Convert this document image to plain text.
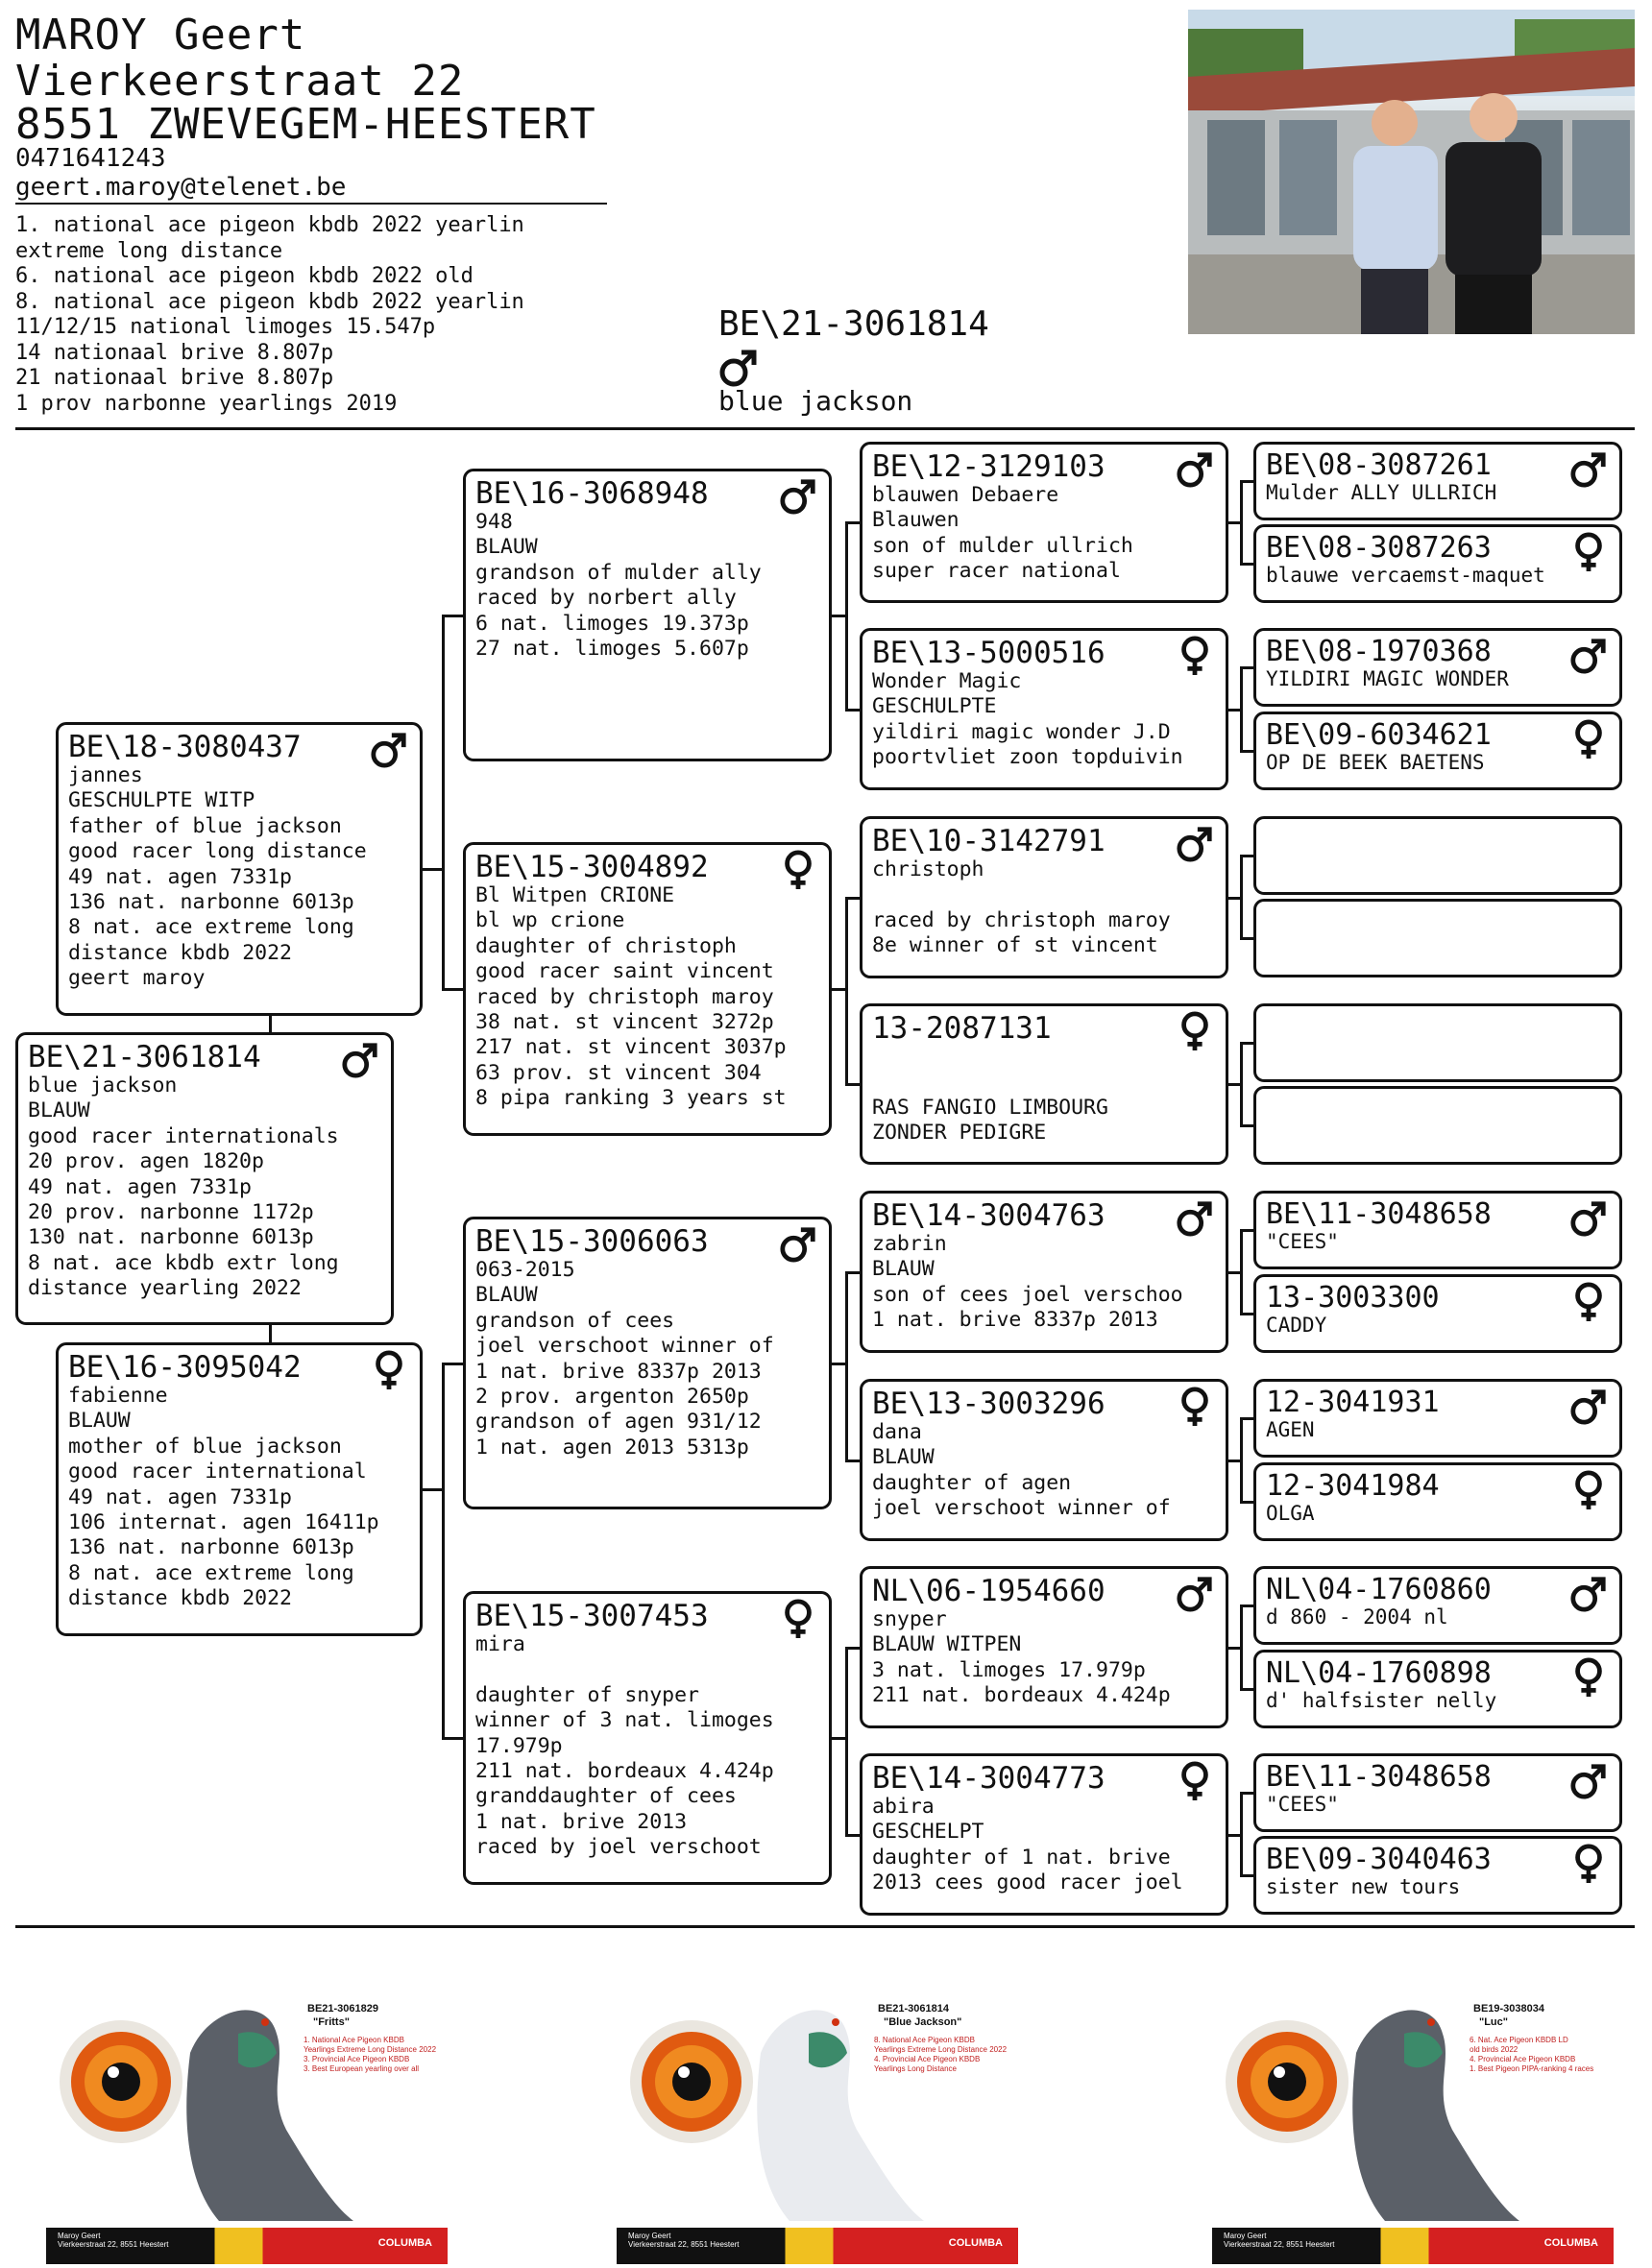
MAROY Geert
Vierkeerstraat 22
8551 ZWEVEGEM-HEESTERT
0471641243
geert.maroy@telenet.be
1. national ace pigeon kbdb 2022 yearlin
extreme long distance
6. national ace pigeon kbdb 2022 old
8. national ace pigeon kbdb 2022 yearlin
11/12/15 national limoges 15.547p
14 nationaal brive 8.807p
21 nationaal brive 8.807p
1 prov narbonne yearlings 2019
BE\21-3061814
blue jackson
BE\21-3061814
blue jackson
BLAUW
good racer internationals
20 prov. agen 1820p
49 nat. agen 7331p
20 prov. narbonne 1172p
130 nat. narbonne 6013p
8 nat. ace kbdb extr long
distance yearling 2022
BE\18-3080437
jannes
GESCHULPTE WITP
father of blue jackson
good racer long distance
49 nat. agen 7331p
136 nat. narbonne 6013p
8 nat. ace extreme long
distance kbdb 2022
geert maroy
BE\16-3095042
fabienne
BLAUW
mother of blue jackson
good racer international
49 nat. agen 7331p
106 internat. agen 16411p
136 nat. narbonne 6013p
8 nat. ace extreme long
distance kbdb 2022
BE\16-3068948
948
BLAUW
grandson of mulder ally
raced by norbert ally
6 nat. limoges 19.373p
27 nat. limoges 5.607p
BE\15-3004892
Bl Witpen CRIONE
bl wp crione
daughter of christoph
good racer saint vincent
raced by christoph maroy
38 nat. st vincent 3272p
217 nat. st vincent 3037p
63 prov. st vincent 304
8 pipa ranking 3 years st
BE\15-3006063
063-2015
BLAUW
grandson of cees
joel verschoot winner of
1 nat. brive 8337p 2013
2 prov. argenton 2650p
grandson of agen 931/12
1 nat. agen 2013 5313p
BE\15-3007453
mira

daughter of snyper
winner of 3 nat. limoges
17.979p
211 nat. bordeaux 4.424p
granddaughter of cees
1 nat. brive 2013
raced by joel verschoot
BE\12-3129103
blauwen Debaere
Blauwen
son of mulder ullrich
super racer national
BE\13-5000516
Wonder Magic
GESCHULPTE
yildiri magic wonder J.D
poortvliet zoon topduivin
BE\10-3142791
christoph

raced by christoph maroy
8e winner of st vincent
13-2087131

RAS FANGIO LIMBOURG
ZONDER PEDIGRE
BE\14-3004763
zabrin
BLAUW
son of cees joel verschoo
1 nat. brive 8337p 2013
BE\13-3003296
dana
BLAUW
daughter of agen
joel verschoot winner of
NL\06-1954660
snyper
BLAUW WITPEN
3 nat. limoges 17.979p
211 nat. bordeaux 4.424p
BE\14-3004773
abira
GESCHELPT
daughter of 1 nat. brive
2013 cees good racer joel
BE\08-3087261
Mulder ALLY ULLRICH
BE\08-3087263
blauwe vercaemst-maquet
BE\08-1970368
YILDIRI MAGIC WONDER
BE\09-6034621
OP DE BEEK BAETENS
BE\11-3048658
"CEES"
13-3003300
CADDY
12-3041931
AGEN
12-3041984
OLGA
NL\04-1760860
d 860 - 2004 nl
NL\04-1760898
d' halfsister nelly
BE\11-3048658
"CEES"
BE\09-3040463
sister new tours
BE21-3061829
"Fritts"
1. National Ace Pigeon KBDB
Yearlings Extreme Long Distance 2022
3. Provincial Ace Pigeon KBDB
3. Best European yearling over all
Maroy Geert
Vierkeerstraat 22, 8551 Heestert	COLUMBA
BE21-3061814
"Blue Jackson"
8. National Ace Pigeon KBDB
Yearlings Extreme Long Distance 2022
4. Provincial Ace Pigeon KBDB
Yearlings Long Distance
Maroy Geert
Vierkeerstraat 22, 8551 Heestert	COLUMBA
BE19-3038034
"Luc"
6. Nat. Ace Pigeon KBDB LD
old birds 2022
4. Provincial Ace Pigeon KBDB
1. Best Pigeon PIPA-ranking 4 races
Maroy Geert
Vierkeerstraat 22, 8551 Heestert	COLUMBA
